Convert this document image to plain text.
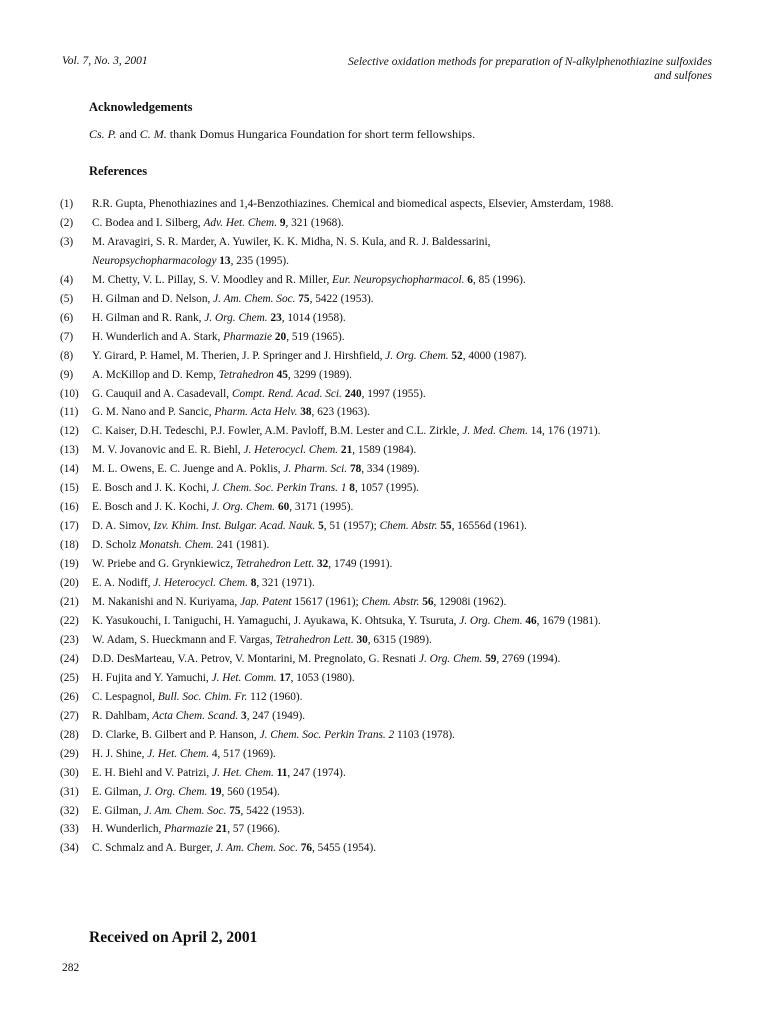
Vol. 7, No. 3, 2001	Selective oxidation methods for preparation of N-alkylphenothiazine sulfoxides
and sulfones
Acknowledgements
Cs. P. and C. M. thank Domus Hungarica Foundation for short term fellowships.
References
(1) R.R. Gupta, Phenothiazines and 1,4-Benzothiazines. Chemical and biomedical aspects, Elsevier, Amsterdam, 1988.
(2) C. Bodea and I. Silberg, Adv. Het. Chem. 9, 321 (1968).
(3) M. Aravagiri, S. R. Marder, A. Yuwiler, K. K. Midha, N. S. Kula, and R. J. Baldessarini,
Neuropsychopharmacology 13, 235 (1995).
(4) M. Chetty, V. L. Pillay, S. V. Moodley and R. Miller, Eur. Neuropsychopharmacol. 6, 85 (1996).
(5) H. Gilman and D. Nelson, J. Am. Chem. Soc. 75, 5422 (1953).
(6) H. Gilman and R. Rank, J. Org. Chem. 23, 1014 (1958).
(7) H. Wunderlich and A. Stark, Pharmazie 20, 519 (1965).
(8) Y. Girard, P. Hamel, M. Therien, J. P. Springer and J. Hirshfield, J. Org. Chem. 52, 4000 (1987).
(9) A. McKillop and D. Kemp, Tetrahedron 45, 3299 (1989).
(10) G. Cauquil and A. Casadevall, Compt. Rend. Acad. Sci. 240, 1997 (1955).
(11) G. M. Nano and P. Sancic, Pharm. Acta Helv. 38, 623 (1963).
(12) C. Kaiser, D.H. Tedeschi, P.J. Fowler, A.M. Pavloff, B.M. Lester and C.L. Zirkle, J. Med. Chem. 14, 176 (1971).
(13) M. V. Jovanovic and E. R. Biehl, J. Heterocycl. Chem. 21, 1589 (1984).
(14) M. L. Owens, E. C. Juenge and A. Poklis, J. Pharm. Sci. 78, 334 (1989).
(15) E. Bosch and J. K. Kochi, J. Chem. Soc. Perkin Trans. 1 8, 1057 (1995).
(16) E. Bosch and J. K. Kochi, J. Org. Chem. 60, 3171 (1995).
(17) D. A. Simov, Izv. Khim. Inst. Bulgar. Acad. Nauk. 5, 51 (1957); Chem. Abstr. 55, 16556d (1961).
(18) D. Scholz Monatsh. Chem. 241 (1981).
(19) W. Priebe and G. Grynkiewicz, Tetrahedron Lett. 32, 1749 (1991).
(20) E. A. Nodiff, J. Heterocycl. Chem. 8, 321 (1971).
(21) M. Nakanishi and N. Kuriyama, Jap. Patent 15617 (1961); Chem. Abstr. 56, 12908i (1962).
(22) K. Yasukouchi, I. Taniguchi, H. Yamaguchi, J. Ayukawa, K. Ohtsuka, Y. Tsuruta, J. Org. Chem. 46, 1679 (1981).
(23) W. Adam, S. Hueckmann and F. Vargas, Tetrahedron Lett. 30, 6315 (1989).
(24) D.D. DesMarteau, V.A. Petrov, V. Montarini, M. Pregnolato, G. Resnati J. Org. Chem. 59, 2769 (1994).
(25) H. Fujita and Y. Yamuchi, J. Het. Comm. 17, 1053 (1980).
(26) C. Lespagnol, Bull. Soc. Chim. Fr. 112 (1960).
(27) R. Dahlbam, Acta Chem. Scand. 3, 247 (1949).
(28) D. Clarke, B. Gilbert and P. Hanson, J. Chem. Soc. Perkin Trans. 2 1103 (1978).
(29) H. J. Shine, J. Het. Chem. 4, 517 (1969).
(30) E. H. Biehl and V. Patrizi, J. Het. Chem. 11, 247 (1974).
(31) E. Gilman, J. Org. Chem. 19, 560 (1954).
(32) E. Gilman, J. Am. Chem. Soc. 75, 5422 (1953).
(33) H. Wunderlich, Pharmazie 21, 57 (1966).
(34) C. Schmalz and A. Burger, J. Am. Chem. Soc. 76, 5455 (1954).
Received on April 2, 2001
282
